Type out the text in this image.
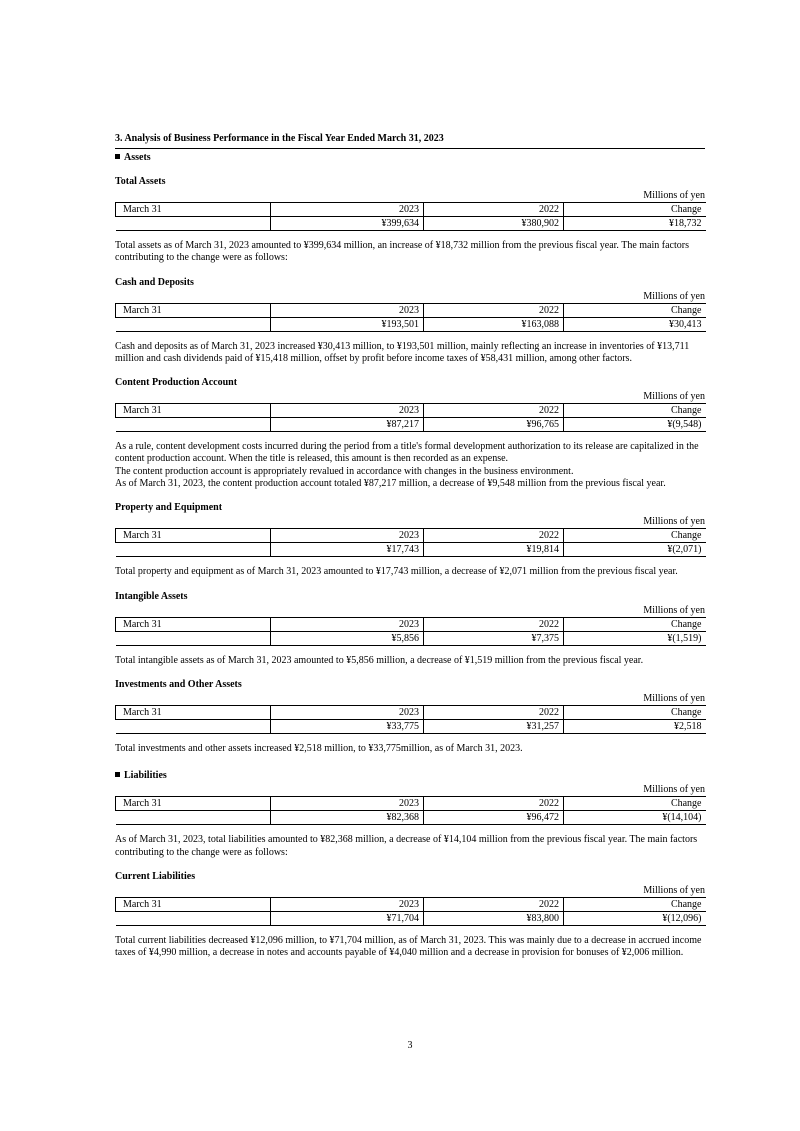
3. Analysis of Business Performance in the Fiscal Year Ended March 31, 2023
Assets
Total Assets
Millions of yen
March 31	2023	2022	Change
	¥399,634	¥380,902	¥18,732

Total assets as of March 31, 2023 amounted to ¥399,634 million, an increase of ¥18,732 million from the previous fiscal year. The main factors contributing to the change were as follows:

Cash and Deposits
Millions of yen
March 31	2023	2022	Change
	¥193,501	¥163,088	¥30,413

Cash and deposits as of March 31, 2023 increased ¥30,413 million, to ¥193,501 million, mainly reflecting an increase in inventories of ¥13,711 million and cash dividends paid of ¥15,418 million, offset by profit before income taxes of ¥58,431 million, among other factors.

Content Production Account
Millions of yen
March 31	2023	2022	Change
	¥87,217	¥96,765	¥(9,548)

As a rule, content development costs incurred during the period from a title's formal development authorization to its release are capitalized in the content production account. When the title is released, this amount is then recorded as an expense.

The content production account is appropriately revalued in accordance with changes in the business environment.

As of March 31, 2023, the content production account totaled ¥87,217 million, a decrease of ¥9,548 million from the previous fiscal year.

Property and Equipment
Millions of yen
March 31	2023	2022	Change
	¥17,743	¥19,814	¥(2,071)

Total property and equipment as of March 31, 2023 amounted to ¥17,743 million, a decrease of ¥2,071 million from the previous fiscal year.

Intangible Assets
Millions of yen
March 31	2023	2022	Change
	¥5,856	¥7,375	¥(1,519)

Total intangible assets as of March 31, 2023 amounted to ¥5,856 million, a decrease of ¥1,519 million from the previous fiscal year.

Investments and Other Assets
Millions of yen
March 31	2023	2022	Change
	¥33,775	¥31,257	¥2,518

Total investments and other assets increased ¥2,518 million, to ¥33,775million, as of March 31, 2023.

Liabilities
Millions of yen
March 31	2023	2022	Change
	¥82,368	¥96,472	¥(14,104)

As of March 31, 2023, total liabilities amounted to ¥82,368 million, a decrease of ¥14,104 million from the previous fiscal year. The main factors contributing to the change were as follows:

Current Liabilities
Millions of yen
March 31	2023	2022	Change
	¥71,704	¥83,800	¥(12,096)

Total current liabilities decreased ¥12,096 million, to ¥71,704 million, as of March 31, 2023. This was mainly due to a decrease in accrued income taxes of ¥4,990 million, a decrease in notes and accounts payable of ¥4,040 million and a decrease in provision for bonuses of ¥2,006 million.

3
